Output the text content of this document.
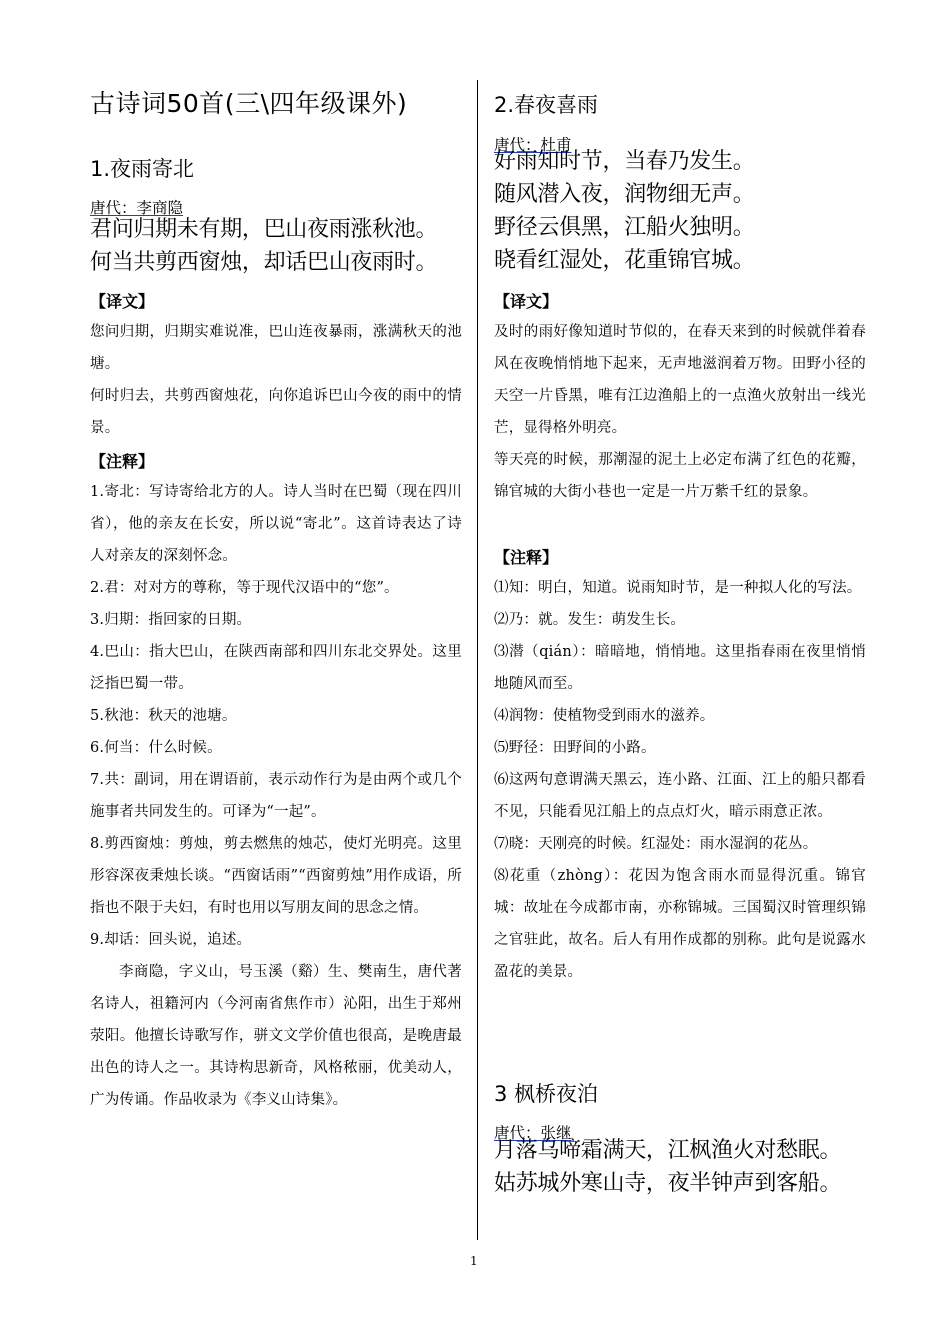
古诗词50首(三\四年级课外)
1.夜雨寄北
唐代：李商隐
君问归期未有期，巴山夜雨涨秋池。
何当共剪西窗烛，却话巴山夜雨时。
【译文】

您问归期，归期实难说准，巴山连夜暴雨，涨满秋天的池塘。

何时归去，共剪西窗烛花，向你追诉巴山今夜的雨中的情景。

【注释】

1.寄北：写诗寄给北方的人。诗人当时在巴蜀（现在四川省），他的亲友在长安，所以说“寄北”。这首诗表达了诗人对亲友的深刻怀念。

2.君：对对方的尊称，等于现代汉语中的“您”。

3.归期：指回家的日期。

4.巴山：指大巴山，在陕西南部和四川东北交界处。这里泛指巴蜀一带。

5.秋池：秋天的池塘。

6.何当：什么时候。

7.共：副词，用在谓语前，表示动作行为是由两个或几个施事者共同发生的。可译为“一起”。

8.剪西窗烛：剪烛，剪去燃焦的烛芯，使灯光明亮。这里形容深夜秉烛长谈。“西窗话雨”“西窗剪烛”用作成语，所指也不限于夫妇，有时也用以写朋友间的思念之情。

9.却话：回头说，追述。

李商隐，字义山，号玉溪（谿）生、樊南生，唐代著名诗人，祖籍河内（今河南省焦作市）沁阳，出生于郑州荥阳。他擅长诗歌写作，骈文文学价值也很高，是晚唐最出色的诗人之一。其诗构思新奇，风格秾丽，优美动人，广为传诵。作品收录为《李义山诗集》。

2.春夜喜雨
唐代：杜甫
好雨知时节，当春乃发生。
随风潜入夜，润物细无声。
野径云俱黑，江船火独明。
晓看红湿处，花重锦官城。
【译文】

及时的雨好像知道时节似的，在春天来到的时候就伴着春风在夜晚悄悄地下起来，无声地滋润着万物。田野小径的天空一片昏黑，唯有江边渔船上的一点渔火放射出一线光芒，显得格外明亮。

等天亮的时候，那潮湿的泥土上必定布满了红色的花瓣，锦官城的大街小巷也一定是一片万紫千红的景象。

【注释】

⑴知：明白，知道。说雨知时节，是一种拟人化的写法。

⑵乃：就。发生：萌发生长。

⑶潜（qián）：暗暗地，悄悄地。这里指春雨在夜里悄悄地随风而至。

⑷润物：使植物受到雨水的滋养。

⑸野径：田野间的小路。

⑹这两句意谓满天黑云，连小路、江面、江上的船只都看不见，只能看见江船上的点点灯火，暗示雨意正浓。

⑺晓：天刚亮的时候。红湿处：雨水湿润的花丛。

⑻花重（zhòng）：花因为饱含雨水而显得沉重。锦官城：故址在今成都市南，亦称锦城。三国蜀汉时管理织锦之官驻此，故名。后人有用作成都的别称。此句是说露水盈花的美景。

3 枫桥夜泊
唐代：张继
月落乌啼霜满天，江枫渔火对愁眠。
姑苏城外寒山寺，夜半钟声到客船。
1
